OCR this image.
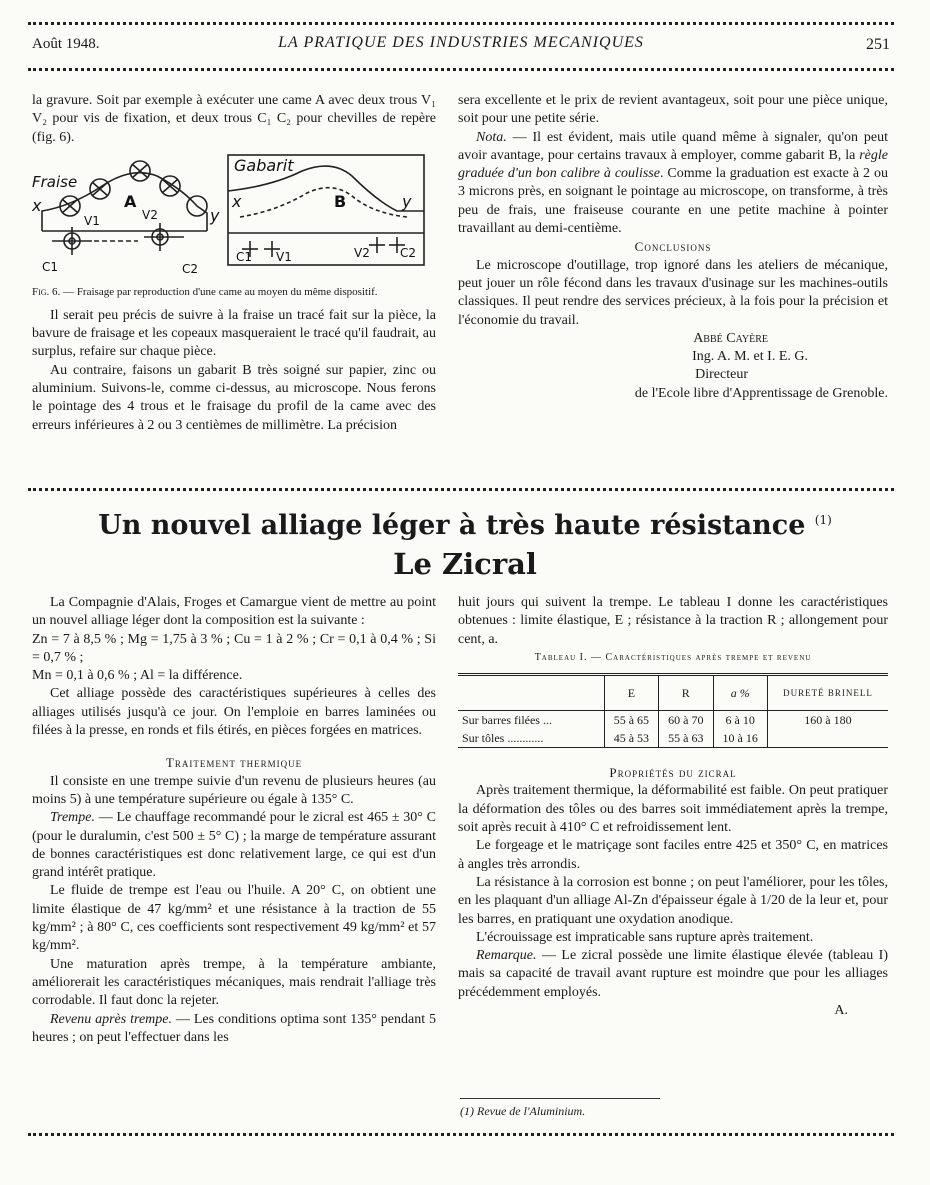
Août 1948.	LA PRATIQUE DES INDUSTRIES MECANIQUES	251

la gravure. Soit par exemple à exécuter une came A avec deux trous V₁ V₂ pour vis de fixation, et deux trous C₁ C₂ pour chevilles de repère (fig. 6).

Fraise
x
Gabarit
x
y
y
A	B
V1	V2
C1	C2
C1 V1	V2	C2

Fig. 6. — Fraisage par reproduction d'une came au moyen du même dispositif.

Il serait peu précis de suivre à la fraise un tracé fait sur la pièce, la bavure de fraisage et les copeaux masqueraient le tracé qu'il faudrait, au surplus, refaire sur chaque pièce.

Au contraire, faisons un gabarit B très soigné sur papier, zinc ou aluminium. Suivons-le, comme ci-dessus, au microscope. Nous ferons le pointage des 4 trous et le fraisage du profil de la came avec des erreurs inférieures à 2 ou 3 centièmes de millimètre. La précision

sera excellente et le prix de revient avantageux, soit pour une pièce unique, soit pour une petite série.

Nota. — Il est évident, mais utile quand même à signaler, qu'on peut avoir avantage, pour certains travaux à employer, comme gabarit B, la règle graduée d'un bon calibre à coulisse. Comme la graduation est exacte à 2 ou 3 microns près, en soignant le pointage au microscope, on transforme, à très peu de frais, une fraiseuse courante en une petite machine à pointer travaillant au demi-centième.

Conclusions

Le microscope d'outillage, trop ignoré dans les ateliers de mécanique, peut jouer un rôle fécond dans les travaux d'usinage sur les machines-outils classiques. Il peut rendre des services précieux, à la fois pour la précision et l'économie du travail.

Abbé Cayère

Ing. A. M. et I. E. G.

Directeur

de l'Ecole libre d'Apprentissage de Grenoble.

Un nouvel alliage léger à très haute résistance $^{(1)}$
Le Zicral

La Compagnie d'Alais, Froges et Camargue vient de mettre au point un nouvel alliage léger dont la composition est la suivante :

Zn = 7 à 8,5 % ; Mg = 1,75 à 3 % ; Cu = 1 à 2 % ; Cr = 0,1 à 0,4 % ; Si = 0,7 % ;

Mn = 0,1 à 0,6 % ; Al = la différence.

Cet alliage possède des caractéristiques supérieures à celles des alliages utilisés jusqu'à ce jour. On l'emploie en barres laminées ou filées à la presse, en ronds et fils étirés, en pièces forgées en matrices.

Traitement thermique

Il consiste en une trempe suivie d'un revenu de plusieurs heures (au moins 5) à une température supérieure ou égale à 135° C.

Trempe. — Le chauffage recommandé pour le zicral est 465 ± 30° C (pour le duralumin, c'est 500 ± 5° C) ; la marge de température assurant de bonnes caractéristiques est donc relativement large, ce qui est d'un grand intérêt pratique.

Le fluide de trempe est l'eau ou l'huile. A 20° C, on obtient une limite élastique de 47 kg/mm² et une résistance à la traction de 55 kg/mm² ; à 80° C, ces coefficients sont respectivement 49 kg/mm² et 57 kg/mm².

Une maturation après trempe, à la température ambiante, améliorerait les caractéristiques mécaniques, mais rendrait l'alliage très corrodable. Il faut donc la rejeter.

Revenu après trempe. — Les conditions optima sont 135° pendant 5 heures ; on peut l'effectuer dans les

huit jours qui suivent la trempe. Le tableau I donne les caractéristiques obtenues : limite élastique, E ; résistance à la traction R ; allongement pour cent, a.

Tableau I. — Caractéristiques après trempe et revenu

	E	R	a %	DURETÉ BRINELL
Sur barres filées ...	55 à 65	60 à 70	6 à 10	160 à 180
Sur tôles ............	45 à 53	55 à 63	10 à 16	

Propriétés du zicral

Après traitement thermique, la déformabilité est faible. On peut pratiquer la déformation des tôles ou des barres soit immédiatement après la trempe, soit après recuit à 410° C et refroidissement lent.

Le forgeage et le matriçage sont faciles entre 425 et 350° C, en matrices à angles très arrondis.

La résistance à la corrosion est bonne ; on peut l'améliorer, pour les tôles, en les plaquant d'un alliage Al-Zn d'épaisseur égale à 1/20 de la leur et, pour les barres, en pratiquant une oxydation anodique.

L'écrouissage est impraticable sans rupture après traitement.

Remarque. — Le zicral possède une limite élastique élevée (tableau I) mais sa capacité de travail avant rupture est moindre que pour les alliages précédemment employés.

A.

(1) Revue de l'Aluminium.
